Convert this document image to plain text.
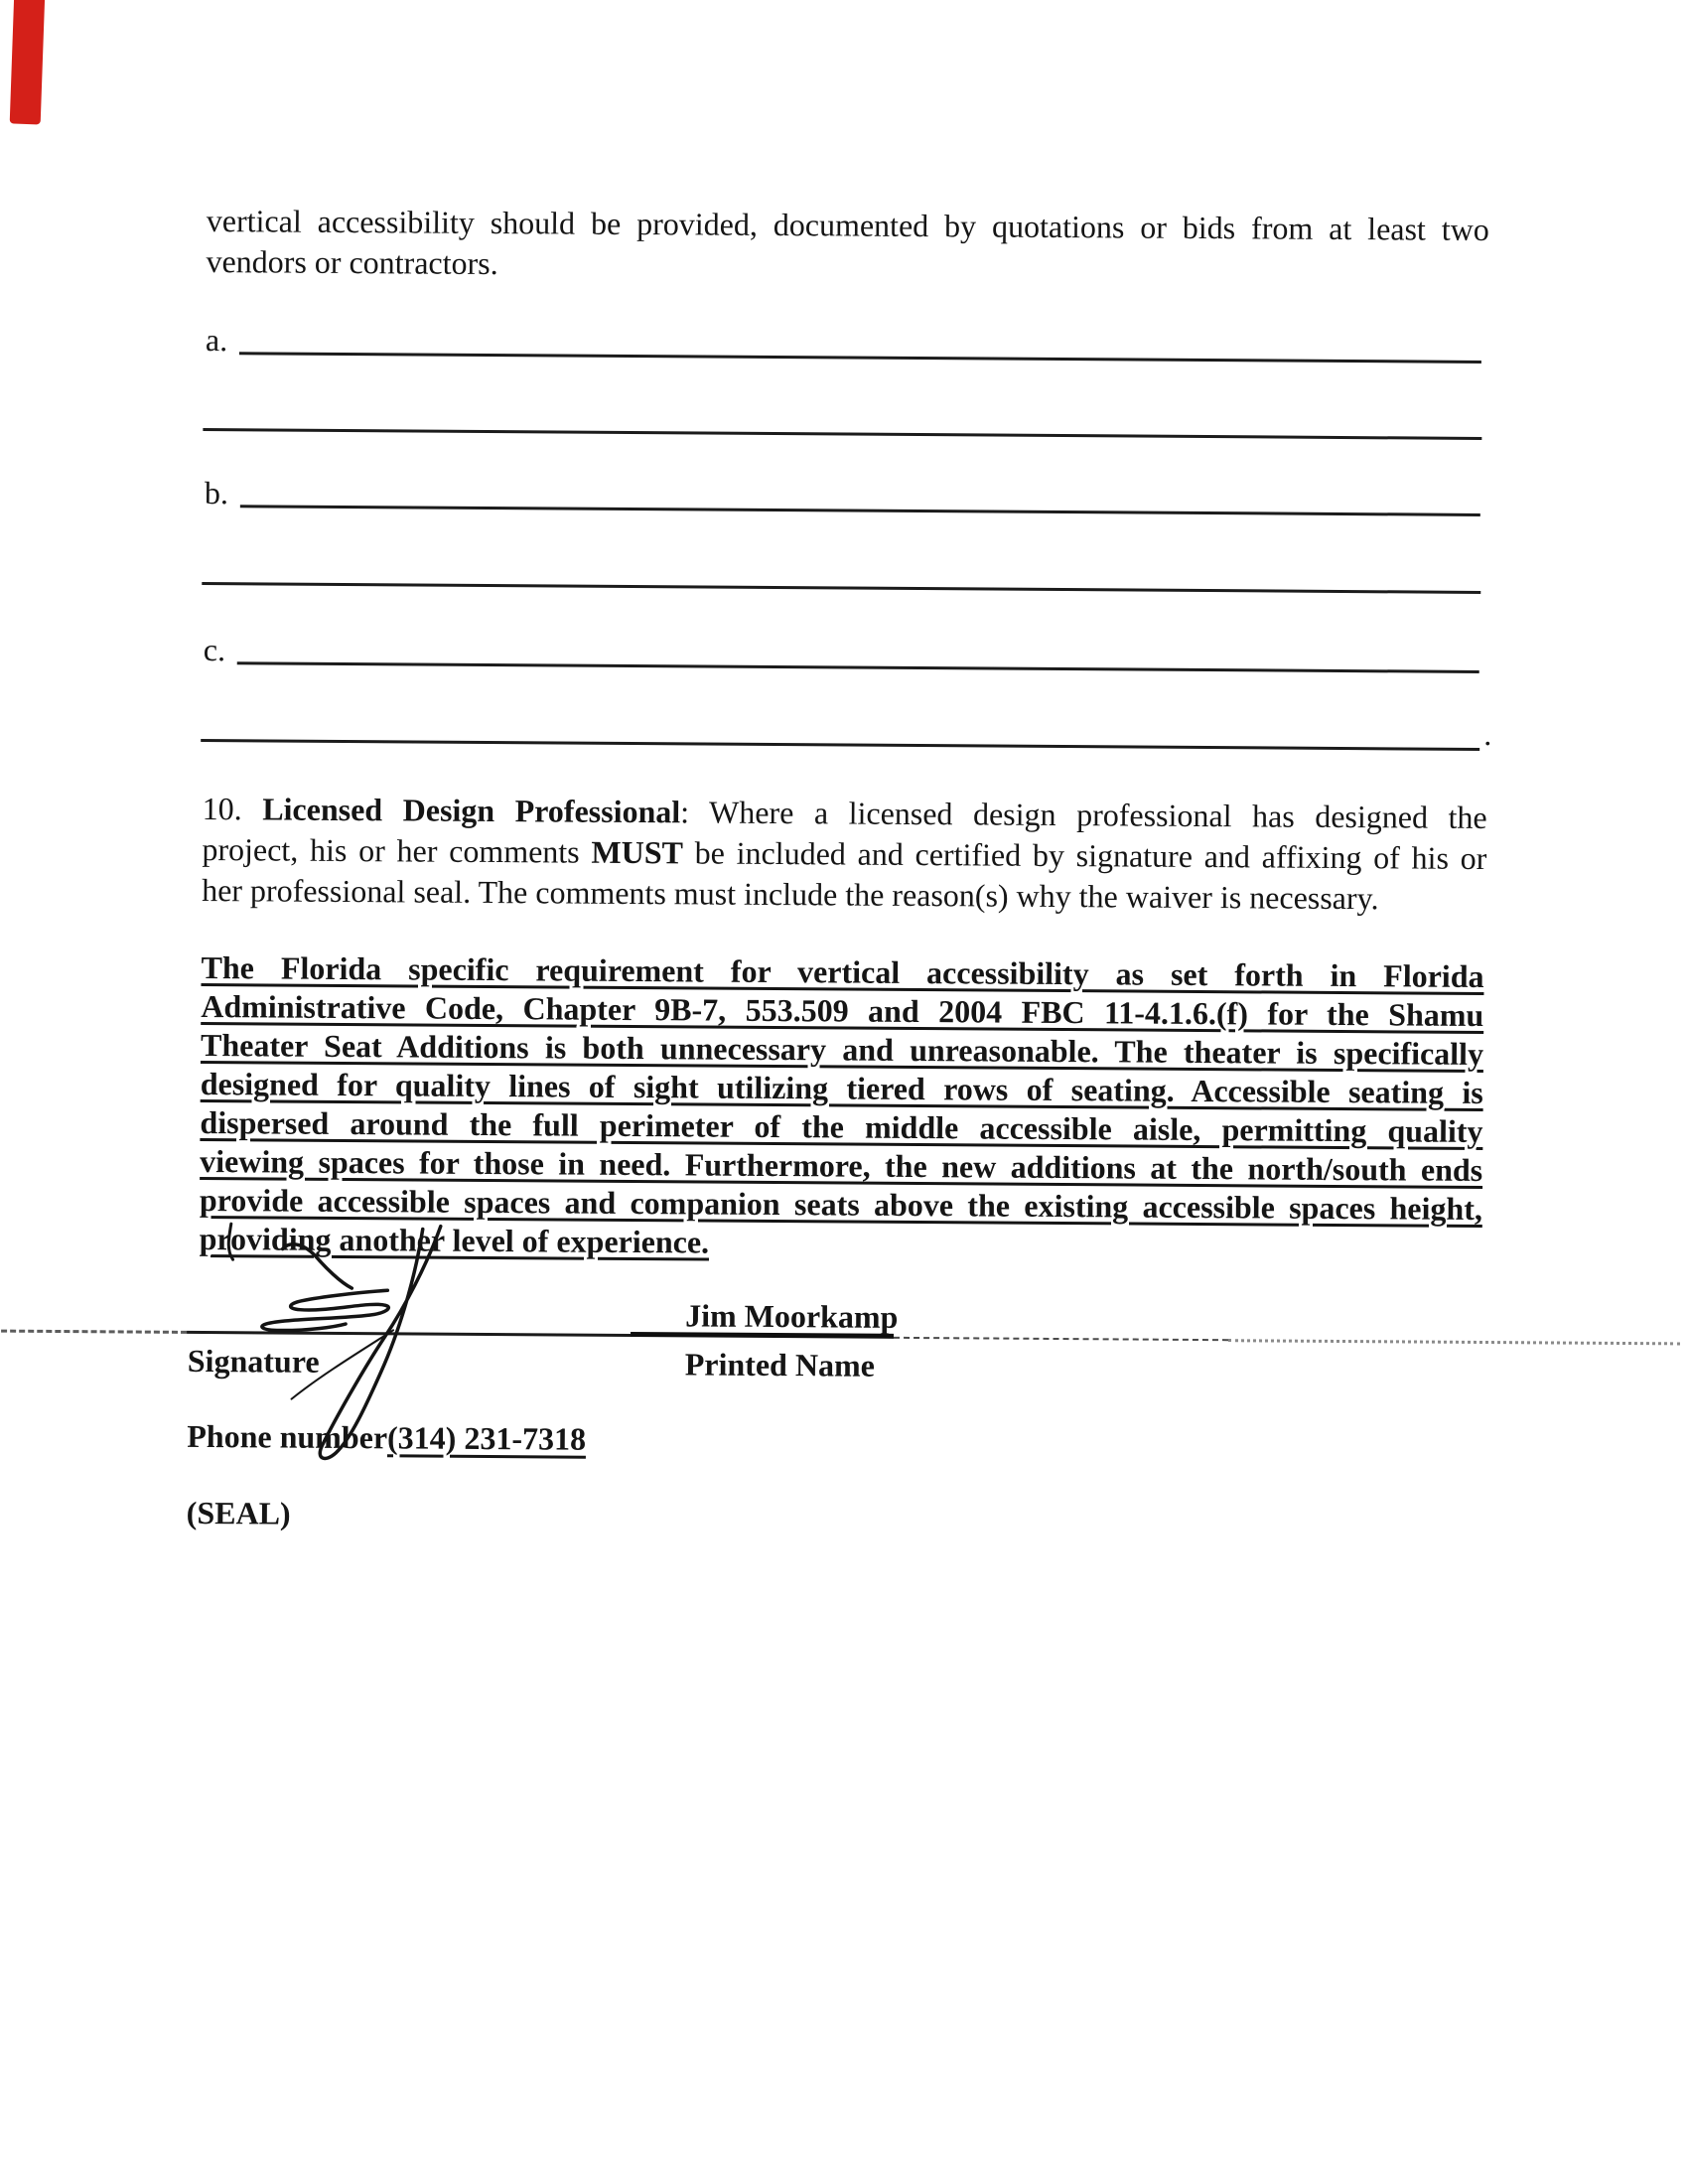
vertical accessibility should be provided, documented by quotations or bids from at least two
vendors or contractors.
a.
b.
c.
.
10. Licensed Design Professional: Where a licensed design professional has designed the
project, his or her comments MUST be included and certified by signature and affixing of his or
her professional seal. The comments must include the reason(s) why the waiver is necessary.
The Florida specific requirement for vertical accessibility as set forth in Florida
Administrative Code, Chapter 9B-7, 553.509 and 2004 FBC 11-4.1.6.(f) for the Shamu
Theater Seat Additions is both unnecessary and unreasonable. The theater is specifically
designed for quality lines of sight utilizing tiered rows of seating. Accessible seating is
dispersed around the full perimeter of the middle accessible aisle, permitting quality
viewing spaces for those in need. Furthermore, the new additions at the north/south ends
provide accessible spaces and companion seats above the existing accessible spaces height,
providing another level of experience.
Jim Moorkamp
Signature	Printed Name
Phone number(314) 231-7318
(SEAL)
